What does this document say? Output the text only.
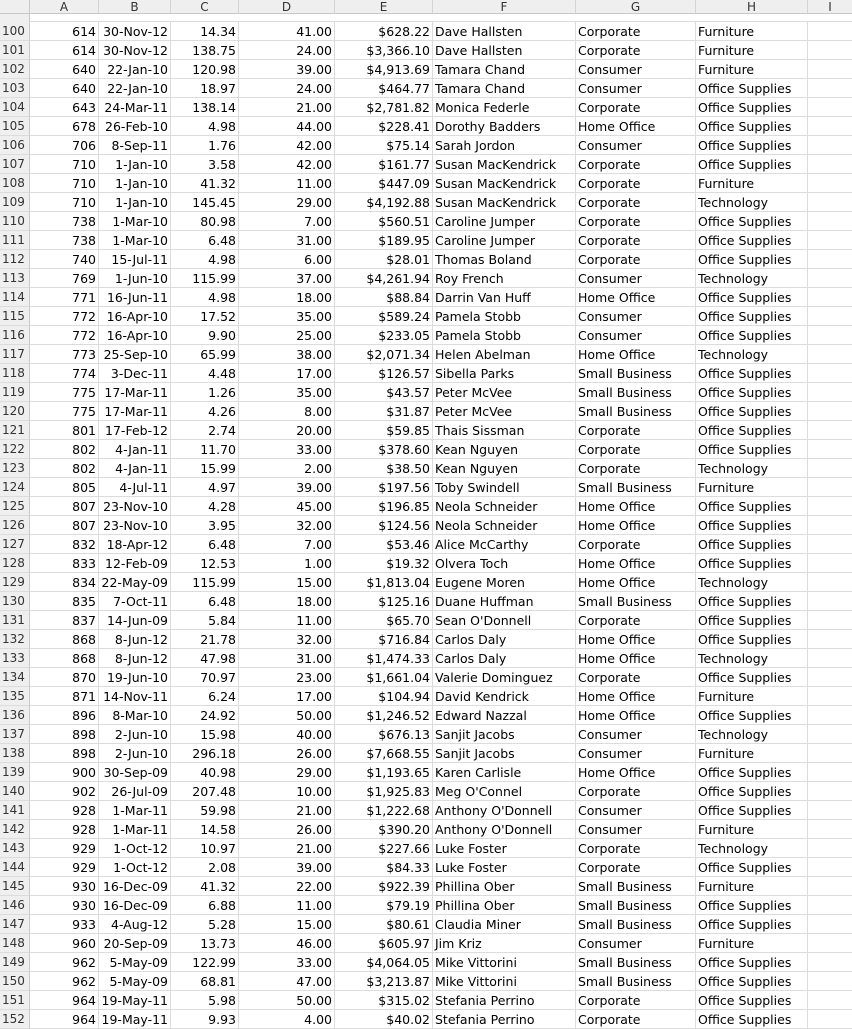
A	B	C	D	E	F	G	H	I
100	614 30-Nov-12	14.34	41.00	$628.22 Dave Hallsten	Corporate	Furniture
101	614 30-Nov-12	138.75	24.00	$3,366.10 Dave Hallsten	Corporate	Furniture
102	640 22-Jan-10	120.98	39.00	$4,913.69 Tamara Chand	Consumer	Furniture
103	640 22-Jan-10	18.97	24.00	$464.77 Tamara Chand	Consumer	Office Supplies
104	643 24-Mar-11	138.14	21.00	$2,781.82 Monica Federle	Corporate	Office Supplies
105	678 26-Feb-10	4.98	44.00	$228.41 Dorothy Badders	Home Office	Office Supplies
106	706	8-Sep-11	1.76	42.00	$75.14 Sarah Jordon	Consumer	Office Supplies
107	710	1-Jan-10	3.58	42.00	$161.77 Susan MacKendrick	Corporate	Office Supplies
108	710	1-Jan-10	41.32	11.00	$447.09 Susan MacKendrick	Corporate	Furniture
109	710	1-Jan-10	145.45	29.00	$4,192.88 Susan MacKendrick	Corporate	Technology
110	738	1-Mar-10	80.98	7.00	$560.51 Caroline Jumper	Corporate	Office Supplies
111	738	1-Mar-10	6.48	31.00	$189.95 Caroline Jumper	Corporate	Office Supplies
112	740	15-Jul-11	4.98	6.00	$28.01 Thomas Boland	Corporate	Office Supplies
113	769	1-Jun-10	115.99	37.00	$4,261.94 Roy French	Consumer	Technology
114	771 16-Jun-11	4.98	18.00	$88.84 Darrin Van Huff	Home Office	Office Supplies
115	772 16-Apr-10	17.52	35.00	$589.24 Pamela Stobb	Consumer	Office Supplies
116	772 16-Apr-10	9.90	25.00	$233.05 Pamela Stobb	Consumer	Office Supplies
117	773 25-Sep-10	65.99	38.00	$2,071.34 Helen Abelman	Home Office	Technology
118	774	3-Dec-11	4.48	17.00	$126.57 Sibella Parks	Small Business	Office Supplies
119	775 17-Mar-11	1.26	35.00	$43.57 Peter McVee	Small Business	Office Supplies
120	775 17-Mar-11	4.26	8.00	$31.87 Peter McVee	Small Business	Office Supplies
121	801 17-Feb-12	2.74	20.00	$59.85 Thais Sissman	Corporate	Office Supplies
122	802	4-Jan-11	11.70	33.00	$378.60 Kean Nguyen	Corporate	Office Supplies
123	802	4-Jan-11	15.99	2.00	$38.50 Kean Nguyen	Corporate	Technology
124	805	4-Jul-11	4.97	39.00	$197.56 Toby Swindell	Small Business	Furniture
125	807 23-Nov-10	4.28	45.00	$196.85 Neola Schneider	Home Office	Office Supplies
126	807 23-Nov-10	3.95	32.00	$124.56 Neola Schneider	Home Office	Office Supplies
127	832 18-Apr-12	6.48	7.00	$53.46 Alice McCarthy	Corporate	Office Supplies
128	833 12-Feb-09	12.53	1.00	$19.32 Olvera Toch	Home Office	Office Supplies
129	834 22-May-09	115.99	15.00	$1,813.04 Eugene Moren	Home Office	Technology
130	835	7-Oct-11	6.48	18.00	$125.16 Duane Huffman	Small Business	Office Supplies
131	837 14-Jun-09	5.84	11.00	$65.70 Sean O'Donnell	Corporate	Office Supplies
132	868	8-Jun-12	21.78	32.00	$716.84 Carlos Daly	Home Office	Office Supplies
133	868	8-Jun-12	47.98	31.00	$1,474.33 Carlos Daly	Home Office	Technology
134	870 19-Jun-10	70.97	23.00	$1,661.04 Valerie Dominguez	Corporate	Office Supplies
135	871 14-Nov-11	6.24	17.00	$104.94 David Kendrick	Home Office	Furniture
136	896	8-Mar-10	24.92	50.00	$1,246.52 Edward Nazzal	Home Office	Office Supplies
137	898	2-Jun-10	15.98	40.00	$676.13 Sanjit Jacobs	Consumer	Technology
138	898	2-Jun-10	296.18	26.00	$7,668.55 Sanjit Jacobs	Consumer	Furniture
139	900 30-Sep-09	40.98	29.00	$1,193.65 Karen Carlisle	Home Office	Office Supplies
140	902	26-Jul-09	207.48	10.00	$1,925.83 Meg O'Connel	Corporate	Office Supplies
141	928	1-Mar-11	59.98	21.00	$1,222.68 Anthony O'Donnell	Consumer	Office Supplies
142	928	1-Mar-11	14.58	26.00	$390.20 Anthony O'Donnell	Consumer	Furniture
143	929	1-Oct-12	10.97	21.00	$227.66 Luke Foster	Corporate	Technology
144	929	1-Oct-12	2.08	39.00	$84.33 Luke Foster	Corporate	Office Supplies
145	930 16-Dec-09	41.32	22.00	$922.39 Phillina Ober	Small Business	Furniture
146	930 16-Dec-09	6.88	11.00	$79.19 Phillina Ober	Small Business	Office Supplies
147	933	4-Aug-12	5.28	15.00	$80.61 Claudia Miner	Small Business	Office Supplies
148	960 20-Sep-09	13.73	46.00	$605.97 Jim Kriz	Consumer	Furniture
149	962	5-May-09	122.99	33.00	$4,064.05 Mike Vittorini	Small Business	Office Supplies
150	962	5-May-09	68.81	47.00	$3,213.87 Mike Vittorini	Small Business	Office Supplies
151	964 19-May-11	5.98	50.00	$315.02 Stefania Perrino	Corporate	Office Supplies
152	964 19-May-11	9.93	4.00	$40.02 Stefania Perrino	Corporate	Office Supplies
